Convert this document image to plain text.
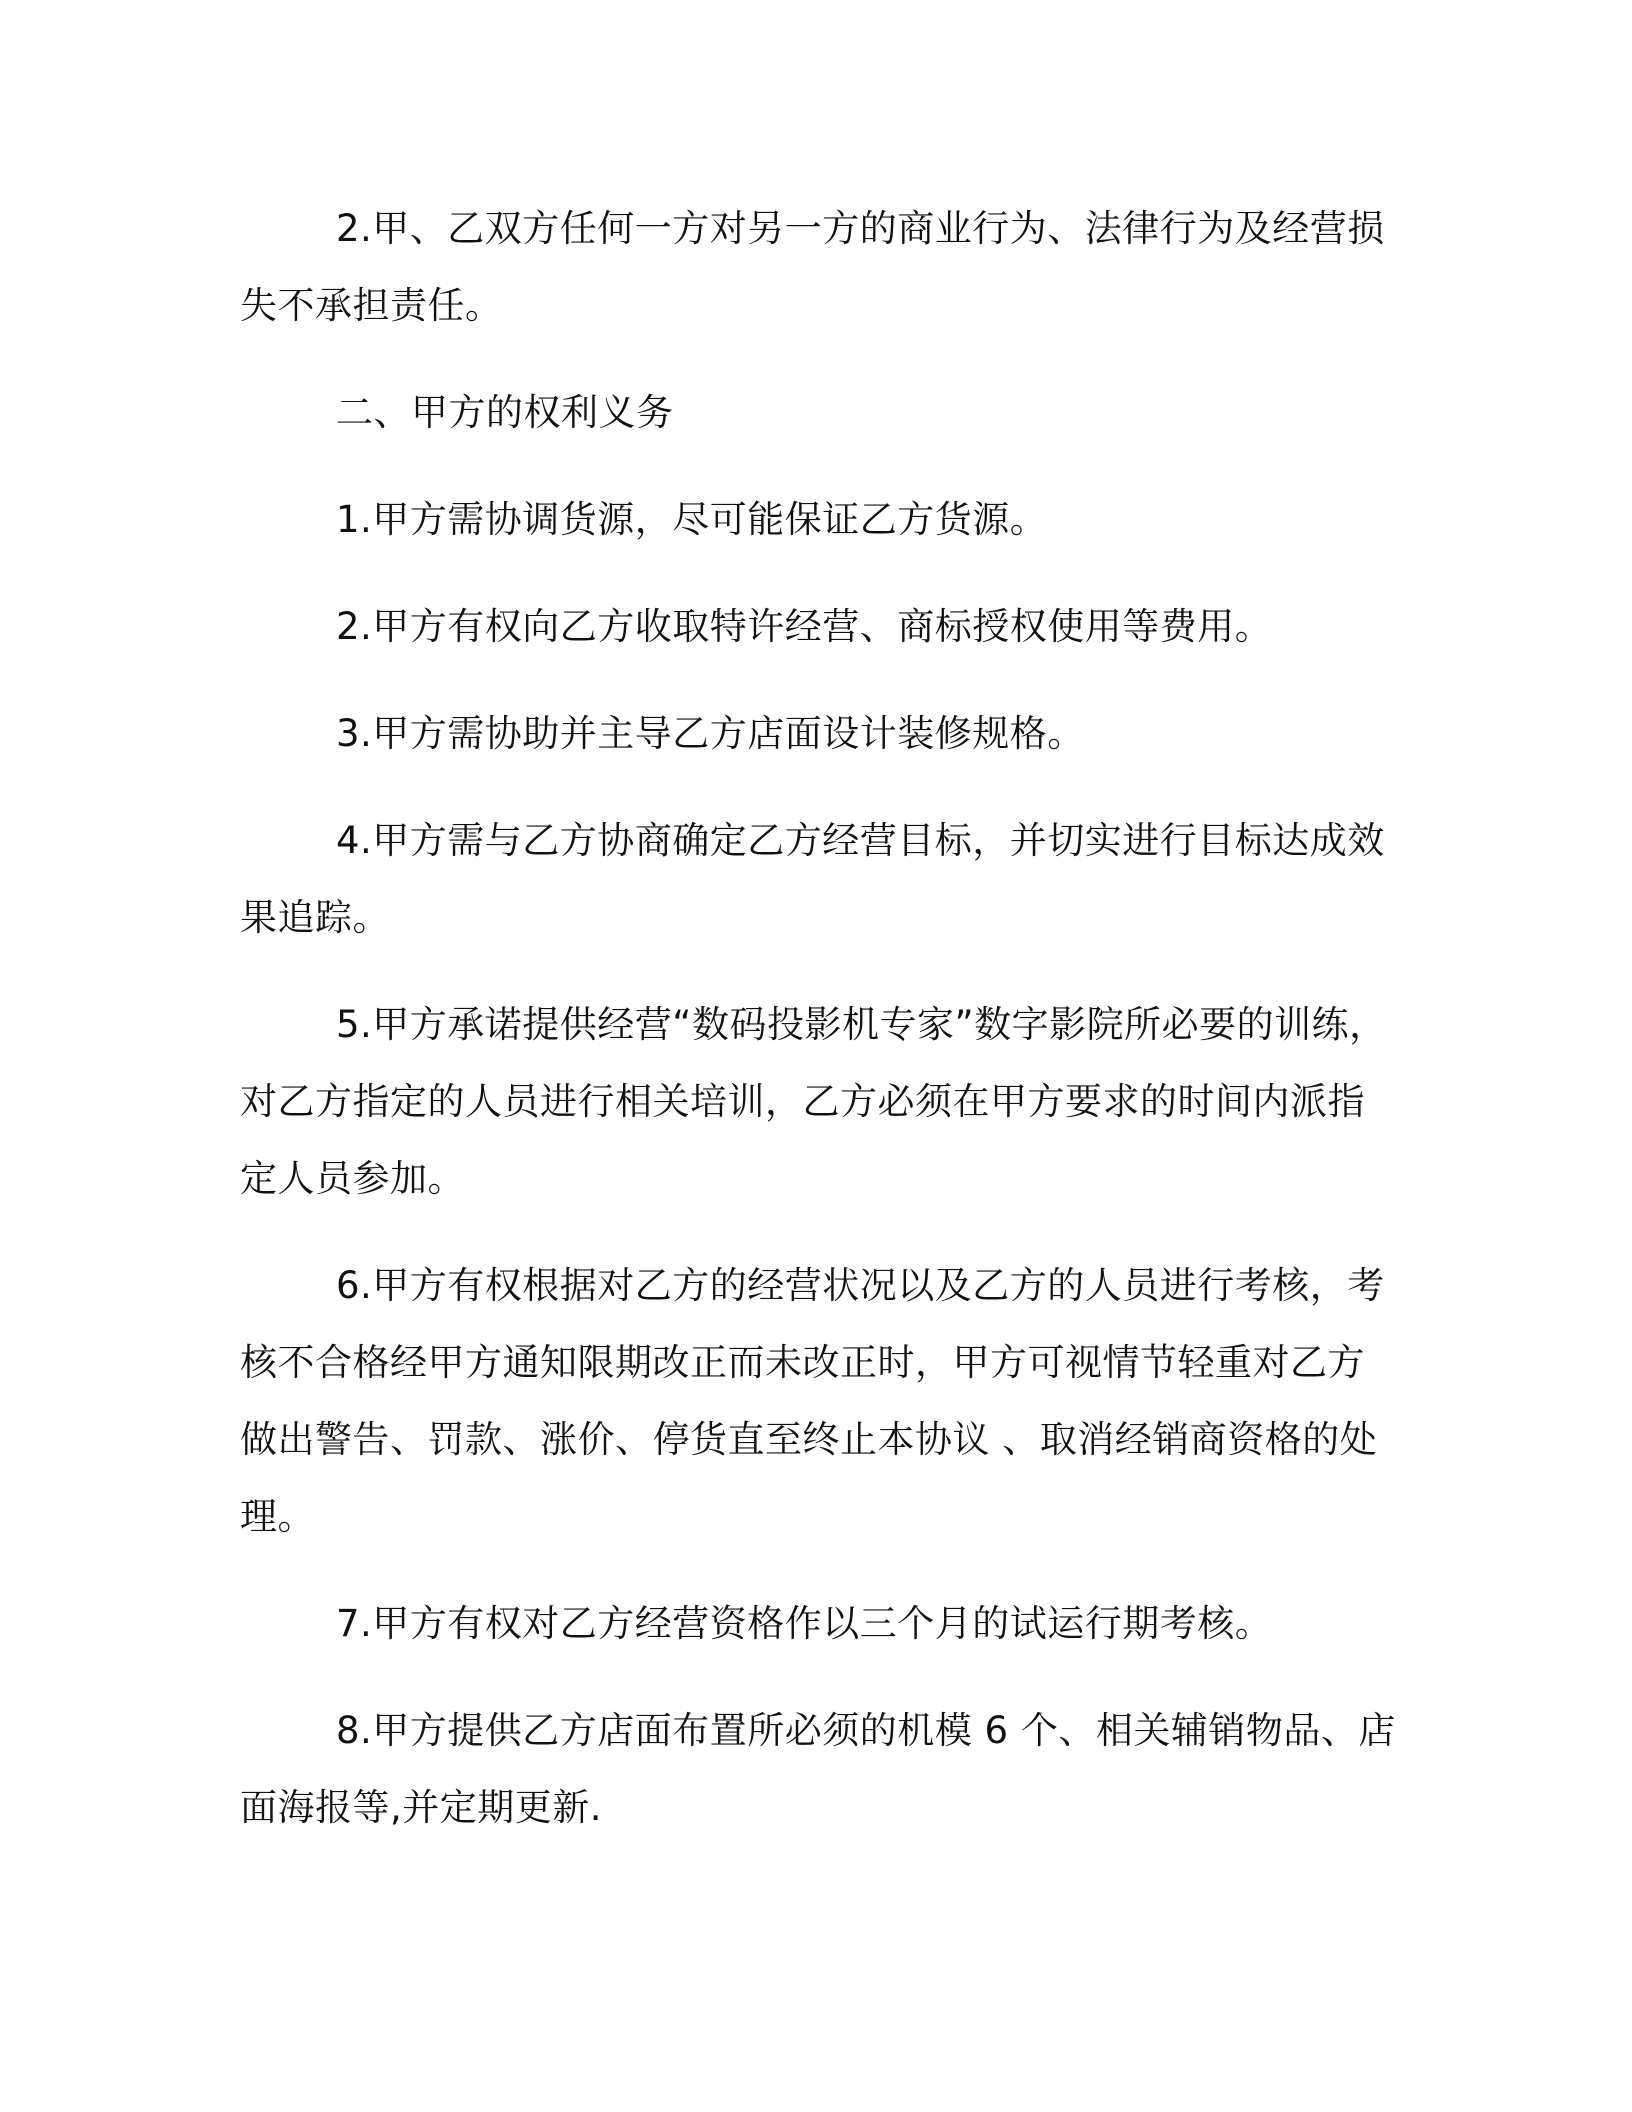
2.甲、乙双方任何一方对另一方的商业行为、法律行为及经营损
失不承担责任。

二、甲方的权利义务

1.甲方需协调货源，尽可能保证乙方货源。

2.甲方有权向乙方收取特许经营、商标授权使用等费用。

3.甲方需协助并主导乙方店面设计装修规格。

4.甲方需与乙方协商确定乙方经营目标，并切实进行目标达成效
果追踪。

5.甲方承诺提供经营“数码投影机专家”数字影院所必要的训练，
对乙方指定的人员进行相关培训，乙方必须在甲方要求的时间内派指
定人员参加。

6.甲方有权根据对乙方的经营状况以及乙方的人员进行考核，考
核不合格经甲方通知限期改正而未改正时，甲方可视情节轻重对乙方
做出警告、罚款、涨价、停货直至终止本协议 、取消经销商资格的处
理。

7.甲方有权对乙方经营资格作以三个月的试运行期考核。

8.甲方提供乙方店面布置所必须的机模 6 个、相关辅销物品、店
面海报等,并定期更新.
